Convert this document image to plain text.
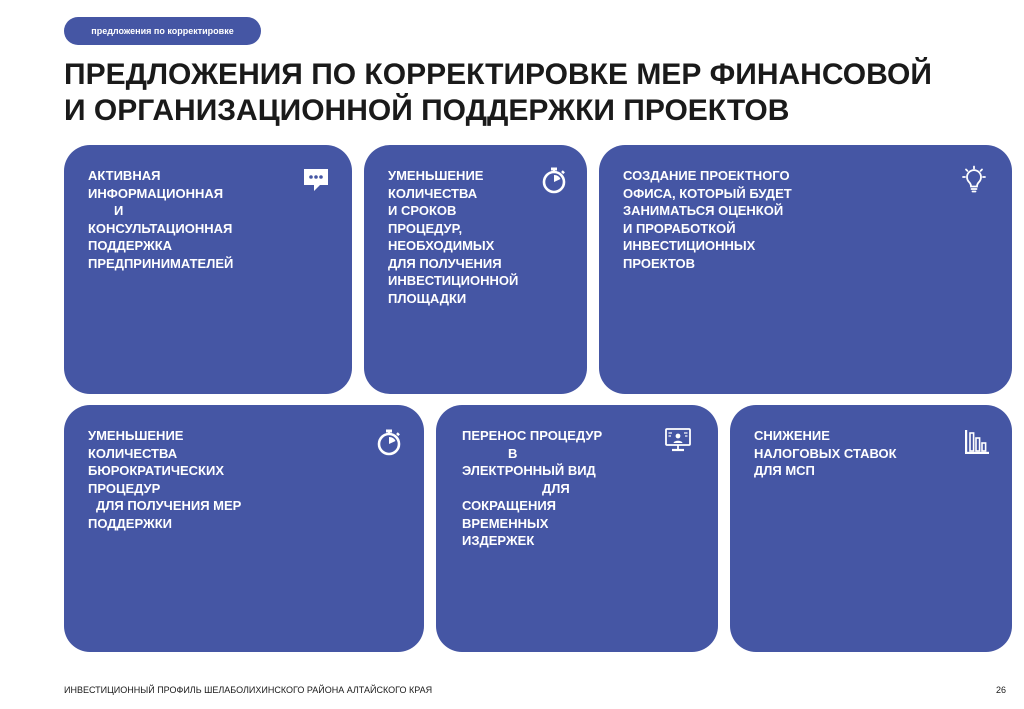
предложения по корректировке
ПРЕДЛОЖЕНИЯ ПО КОРРЕКТИРОВКЕ МЕР ФИНАНСОВОЙ
И ОРГАНИЗАЦИОННОЙ ПОДДЕРЖКИ ПРОЕКТОВ
АКТИВНАЯ
ИНФОРМАЦИОННАЯ
И
КОНСУЛЬТАЦИОННАЯ
ПОДДЕРЖКА
ПРЕДПРИНИМАТЕЛЕЙ
УМЕНЬШЕНИЕ
КОЛИЧЕСТВА
И СРОКОВ
ПРОЦЕДУР,
НЕОБХОДИМЫХ
ДЛЯ ПОЛУЧЕНИЯ
ИНВЕСТИЦИОННОЙ
ПЛОЩАДКИ
СОЗДАНИЕ ПРОЕКТНОГО
ОФИСА, КОТОРЫЙ БУДЕТ
ЗАНИМАТЬСЯ ОЦЕНКОЙ
И ПРОРАБОТКОЙ
ИНВЕСТИЦИОННЫХ
ПРОЕКТОВ
УМЕНЬШЕНИЕ
КОЛИЧЕСТВА
БЮРОКРАТИЧЕСКИХ
ПРОЦЕДУР
ДЛЯ ПОЛУЧЕНИЯ МЕР
ПОДДЕРЖКИ
ПЕРЕНОС ПРОЦЕДУР
В
ЭЛЕКТРОННЫЙ ВИД
ДЛЯ
СОКРАЩЕНИЯ
ВРЕМЕННЫХ
ИЗДЕРЖЕК
СНИЖЕНИЕ
НАЛОГОВЫХ СТАВОК
ДЛЯ МСП
ИНВЕСТИЦИОННЫЙ ПРОФИЛЬ ШЕЛАБОЛИХИНСКОГО РАЙОНА АЛТАЙСКОГО КРАЯ	26
